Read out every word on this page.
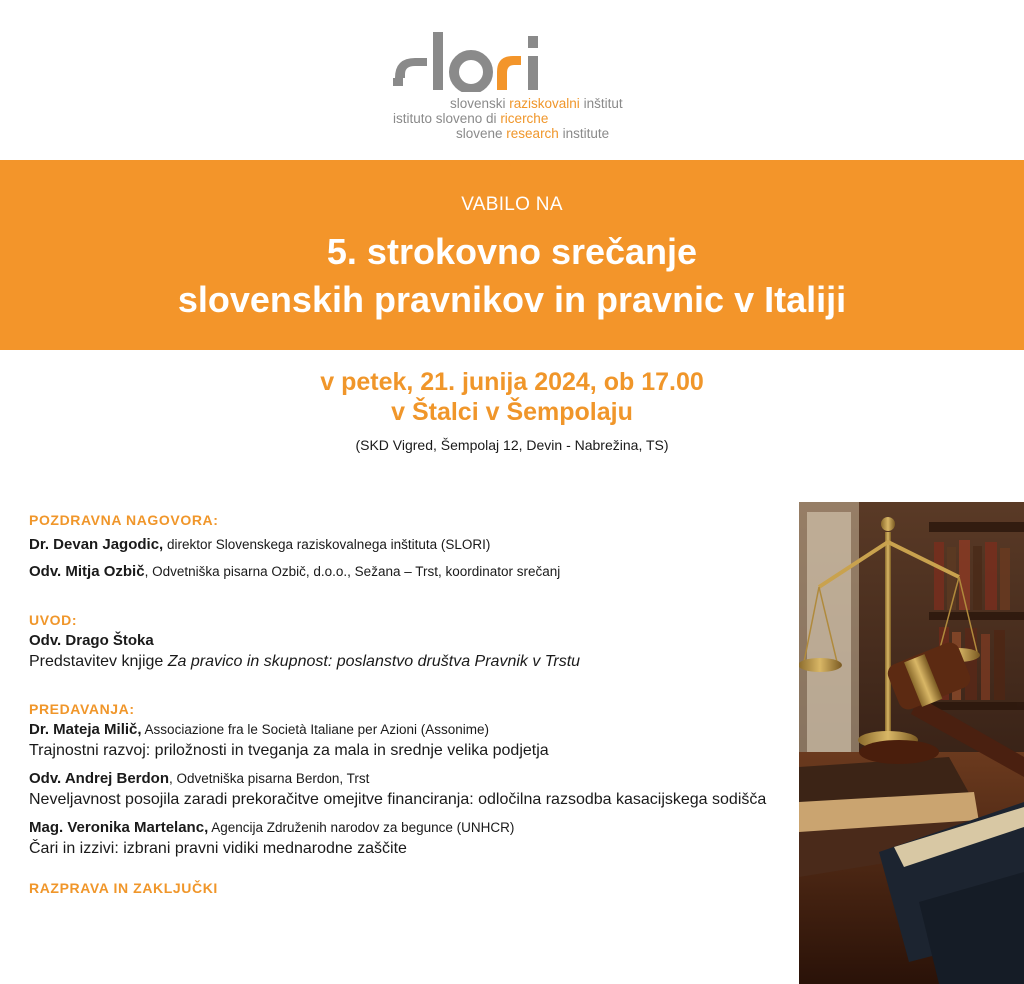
slovenski raziskovalni inštitut
istituto sloveno di ricerche
slovene research institute
VABILO NA
5. strokovno srečanje
slovenskih pravnikov in pravnic v Italiji
v petek, 21. junija 2024, ob 17.00
v Štalci v Šempolaju
(SKD Vigred, Šempolaj 12, Devin - Nabrežina, TS)
POZDRAVNA NAGOVORA:
Dr. Devan Jagodic, direktor Slovenskega raziskovalnega inštituta (SLORI)
Odv. Mitja Ozbič, Odvetniška pisarna Ozbič, d.o.o., Sežana – Trst, koordinator srečanj
UVOD:
Odv. Drago Štoka
Predstavitev knjige Za pravico in skupnost: poslanstvo društva Pravnik v Trstu
PREDAVANJA:
Dr. Mateja Milič, Associazione fra le Società Italiane per Azioni (Assonime)
Trajnostni razvoj: priložnosti in tveganja za mala in srednje velika podjetja
Odv. Andrej Berdon, Odvetniška pisarna Berdon, Trst
Neveljavnost posojila zaradi prekoračitve omejitve financiranja: odločilna razsodba kasacijskega sodišča
Mag. Veronika Martelanc, Agencija Združenih narodov za begunce (UNHCR)
Čari in izzivi: izbrani pravni vidiki mednarodne zaščite
RAZPRAVA IN ZAKLJUČKI
